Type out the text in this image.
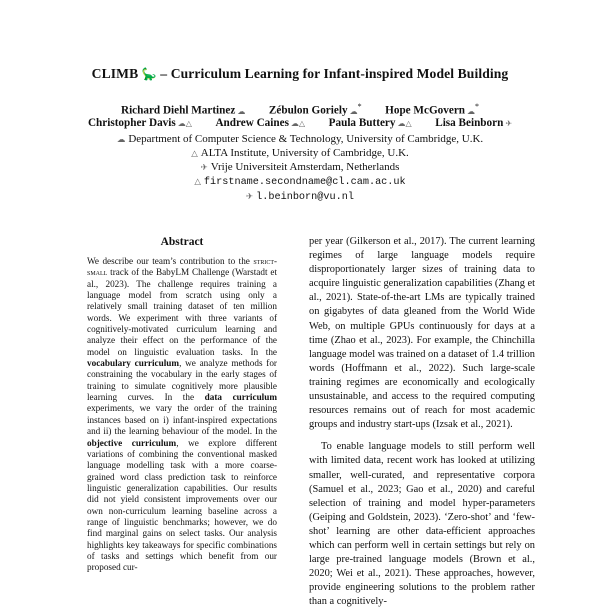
CLIMB 🦕 – Curriculum Learning for Infant-inspired Model Building
Richard Diehl Martinez ☁ Zébulon Goriely ☁* Hope McGovern ☁*
Christopher Davis ☁△ Andrew Caines ☁△ Paula Buttery ☁△ Lisa Beinborn ✈
☁ Department of Computer Science & Technology, University of Cambridge, U.K.
△ ALTA Institute, University of Cambridge, U.K.
✈ Vrije Universiteit Amsterdam, Netherlands
△ firstname.secondname@cl.cam.ac.uk
✈ l.beinborn@vu.nl
Abstract
We describe our team’s contribution to the strict-small track of the BabyLM Challenge (Warstadt et al., 2023). The challenge requires training a language model from scratch using only a relatively small training dataset of ten million words. We experiment with three variants of cognitively-motivated curriculum learning and analyze their effect on the performance of the model on linguistic evaluation tasks. In the vocabulary curriculum, we analyze methods for constraining the vocabulary in the early stages of training to simulate cognitively more plausible learning curves. In the data curriculum experiments, we vary the order of the training instances based on i) infant-inspired expectations and ii) the learning behaviour of the model. In the objective curriculum, we explore different variations of combining the conventional masked language modelling task with a more coarse-grained word class prediction task to reinforce linguistic generalization capabilities. Our results did not yield consistent improvements over our own non-curriculum learning baseline across a range of linguistic benchmarks; however, we do find marginal gains on select tasks. Our analysis highlights key takeaways for specific combinations of tasks and settings which benefit from our proposed cur-

per year (Gilkerson et al., 2017). The current learning regimes of large language models require disproportionately larger sizes of training data to acquire linguistic generalization capabilities (Zhang et al., 2021). State-of-the-art LMs are typically trained on gigabytes of data gleaned from the World Wide Web, on multiple GPUs continuously for days at a time (Zhao et al., 2023). For example, the Chinchilla language model was trained on a dataset of 1.4 trillion words (Hoffmann et al., 2022). Such large-scale training regimes are economically and ecologically unsustainable, and access to the required computing resources remains out of reach for most academic groups and industry start-ups (Izsak et al., 2021).

To enable language models to still perform well with limited data, recent work has looked at utilizing smaller, well-curated, and representative corpora (Samuel et al., 2023; Gao et al., 2020) and careful selection of training and model hyper-parameters (Geiping and Goldstein, 2023). ‘Zero-shot’ and ‘few-shot’ learning are other data-efficient approaches which can perform well in certain settings but rely on large pre-trained language models (Brown et al., 2020; Wei et al., 2021). These approaches, however, provide engineering solutions to the problem rather than a cognitively-
